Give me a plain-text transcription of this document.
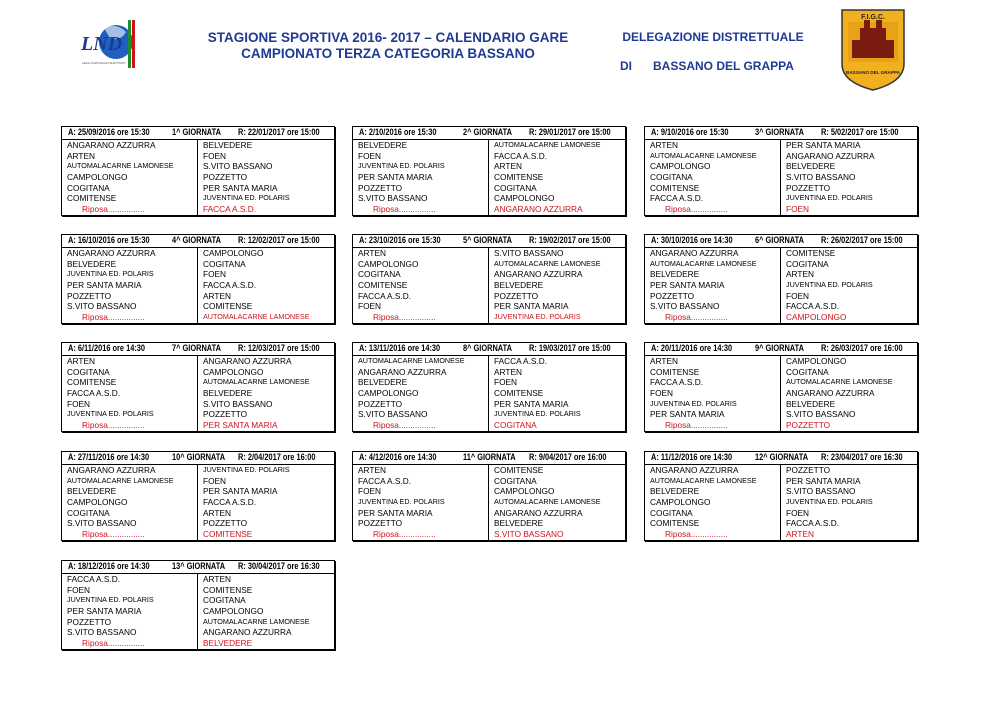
LND
LEGA NAZIONALE DILETTANTI
STAGIONE SPORTIVA 2016- 2017 – CALENDARIO GARE
CAMPIONATO TERZA CATEGORIA BASSANO
DELEGAZIONE DISTRETTUALE
DI BASSANO DEL GRAPPA
F.I.G.C.
BASSANO DEL GRAPPA
A: 25/09/2016 ore 15:30 1^ GIORNATA R: 22/01/2017 ore 15:00
ANGARANO AZZURRA	BELVEDERE
ARTEN	FOEN
AUTOMALACARNE LAMONESE	S.VITO BASSANO
CAMPOLONGO	POZZETTO
COGITANA	PER SANTA MARIA
COMITENSE	JUVENTINA ED. POLARIS
Riposa................	FACCA A.S.D.
A: 2/10/2016 ore 15:30	2^ GIORNATA R: 29/01/2017 ore 15:00
BELVEDERE	AUTOMALACARNE LAMONESE
FOEN	FACCA A.S.D.
JUVENTINA ED. POLARIS	ARTEN
PER SANTA MARIA	COMITENSE
POZZETTO	COGITANA
S.VITO BASSANO	CAMPOLONGO
Riposa................	ANGARANO AZZURRA
A: 9/10/2016 ore 15:30	3^ GIORNATA R: 5/02/2017 ore 15:00
ARTEN	PER SANTA MARIA
AUTOMALACARNE LAMONESE	ANGARANO AZZURRA
CAMPOLONGO	BELVEDERE
COGITANA	S.VITO BASSANO
COMITENSE	POZZETTO
FACCA A.S.D.	JUVENTINA ED. POLARIS
Riposa................	FOEN
A: 16/10/2016 ore 15:30 4^ GIORNATA R: 12/02/2017 ore 15:00
ANGARANO AZZURRA	CAMPOLONGO
BELVEDERE	COGITANA
JUVENTINA ED. POLARIS	FOEN
PER SANTA MARIA	FACCA A.S.D.
POZZETTO	ARTEN
S.VITO BASSANO	COMITENSE
Riposa................	AUTOMALACARNE LAMONESE
A: 23/10/2016 ore 15:30 5^ GIORNATA R: 19/02/2017 ore 15:00
ARTEN	S.VITO BASSANO
CAMPOLONGO	AUTOMALACARNE LAMONESE
COGITANA	ANGARANO AZZURRA
COMITENSE	BELVEDERE
FACCA A.S.D.	POZZETTO
FOEN	PER SANTA MARIA
Riposa................	JUVENTINA ED. POLARIS
A: 30/10/2016 ore 14:30 6^ GIORNATA R: 26/02/2017 ore 15:00
ANGARANO AZZURRA	COMITENSE
AUTOMALACARNE LAMONESE	COGITANA
BELVEDERE	ARTEN
PER SANTA MARIA	JUVENTINA ED. POLARIS
POZZETTO	FOEN
S.VITO BASSANO	FACCA A.S.D.
Riposa................	CAMPOLONGO
A: 6/11/2016 ore 14:30	7^ GIORNATA R: 12/03/2017 ore 15:00
ARTEN	ANGARANO AZZURRA
COGITANA	CAMPOLONGO
COMITENSE	AUTOMALACARNE LAMONESE
FACCA A.S.D.	BELVEDERE
FOEN	S.VITO BASSANO
JUVENTINA ED. POLARIS	POZZETTO
Riposa................	PER SANTA MARIA
A: 13/11/2016 ore 14:30 8^ GIORNATA R: 19/03/2017 ore 15:00
AUTOMALACARNE LAMONESE	FACCA A.S.D.
ANGARANO AZZURRA	ARTEN
BELVEDERE	FOEN
CAMPOLONGO	COMITENSE
POZZETTO	PER SANTA MARIA
S.VITO BASSANO	JUVENTINA ED. POLARIS
Riposa................	COGITANA
A: 20/11/2016 ore 14:30 9^ GIORNATA R: 26/03/2017 ore 16:00
ARTEN	CAMPOLONGO
COMITENSE	COGITANA
FACCA A.S.D.	AUTOMALACARNE LAMONESE
FOEN	ANGARANO AZZURRA
JUVENTINA ED. POLARIS	BELVEDERE
PER SANTA MARIA	S.VITO BASSANO
Riposa................	POZZETTO
A: 27/11/2016 ore 14:30 10^ GIORNATA R: 2/04/2017 ore 16:00
ANGARANO AZZURRA	JUVENTINA ED. POLARIS
AUTOMALACARNE LAMONESE	FOEN
BELVEDERE	PER SANTA MARIA
CAMPOLONGO	FACCA A.S.D.
COGITANA	ARTEN
S.VITO BASSANO	POZZETTO
Riposa................	COMITENSE
A: 4/12/2016 ore 14:30	11^ GIORNATA R: 9/04/2017 ore 16:00
ARTEN	COMITENSE
FACCA A.S.D.	COGITANA
FOEN	CAMPOLONGO
JUVENTINA ED. POLARIS	AUTOMALACARNE LAMONESE
PER SANTA MARIA	ANGARANO AZZURRA
POZZETTO	BELVEDERE
Riposa................	S.VITO BASSANO
A: 11/12/2016 ore 14:30 12^ GIORNATA R: 23/04/2017 ore 16:30
ANGARANO AZZURRA	POZZETTO
AUTOMALACARNE LAMONESE	PER SANTA MARIA
BELVEDERE	S.VITO BASSANO
CAMPOLONGO	JUVENTINA ED. POLARIS
COGITANA	FOEN
COMITENSE	FACCA A.S.D.
Riposa................	ARTEN
A: 18/12/2016 ore 14:30 13^ GIORNATA R: 30/04/2017 ore 16:30
FACCA A.S.D.	ARTEN
FOEN	COMITENSE
JUVENTINA ED. POLARIS	COGITANA
PER SANTA MARIA	CAMPOLONGO
POZZETTO	AUTOMALACARNE LAMONESE
S.VITO BASSANO	ANGARANO AZZURRA
Riposa................	BELVEDERE
